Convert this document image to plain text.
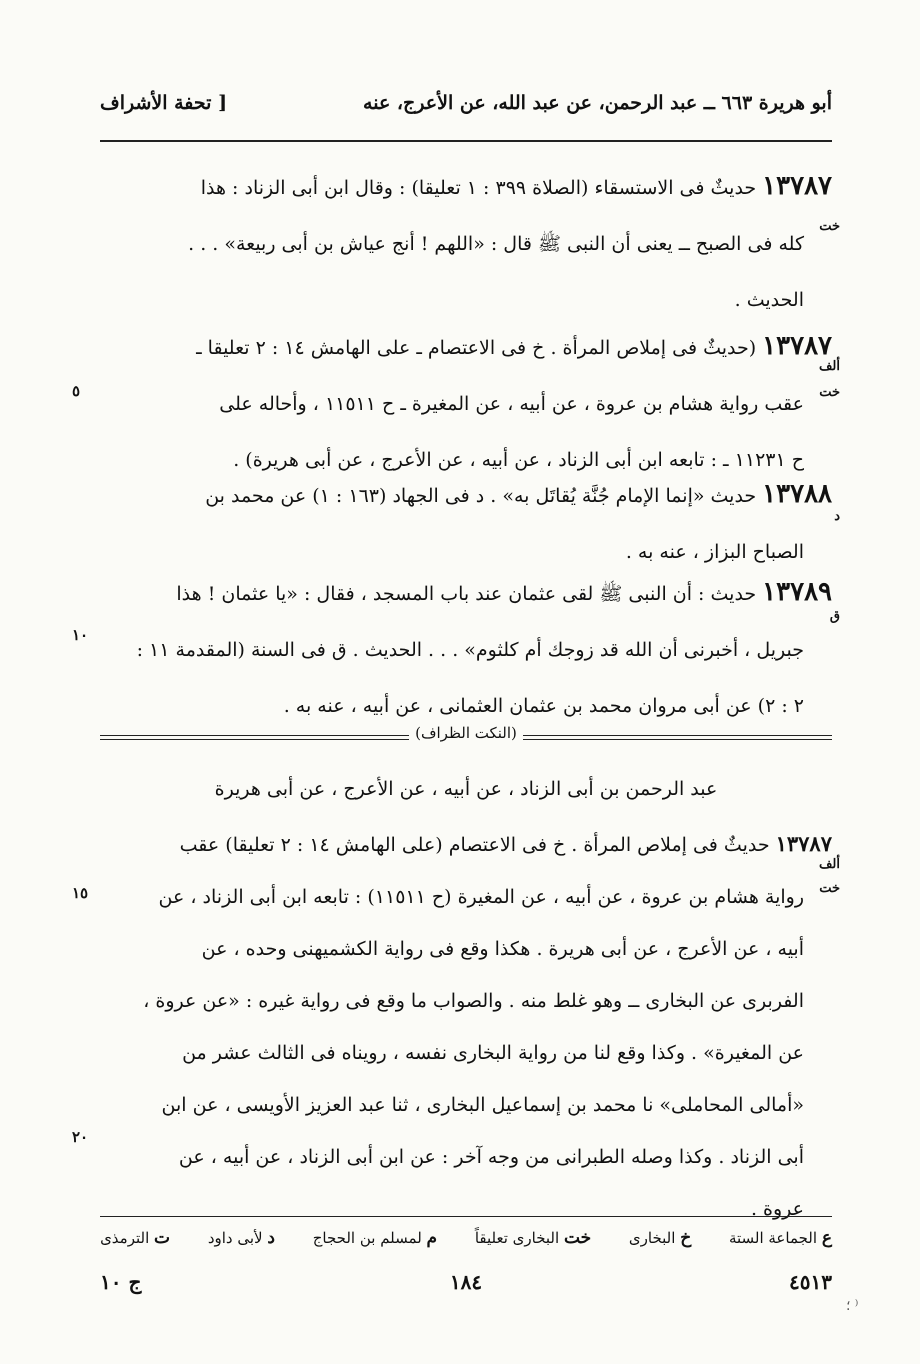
أبو هريرة ٦٦٣ ــ عبد الرحمن، عن عبد الله، عن الأعرج، عنه
[ تحفة الأشراف
خت
١٣٧٨٧حديثٌ فى الاستسقاء (الصلاة ٣٩٩ : ١ تعليقا) : وقال ابن أبى الزناد : هذا
كله فى الصبح ــ يعنى أن النبى ﷺ قال : «اللهم ! أنج عياش بن أبى ربيعة» . . .
الحديث .
ألف
خت
١٣٧٨٧(حديثٌ فى إملاص المرأة . خ فى الاعتصام ـ على الهامش ١٤ : ٢ تعليقا ـ
عقب رواية هشام بن عروة ، عن أبيه ، عن المغيرة ـ ح ١١٥١١ ، وأحاله على
ح ١١٢٣١ ـ : تابعه ابن أبى الزناد ، عن أبيه ، عن الأعرج ، عن أبى هريرة) .
٥
د
١٣٧٨٨حديث «إنما الإمام جُنَّة يُقاتَل به» . د فى الجهاد (١٦٣ : ١) عن محمد بن
الصباح البزاز ، عنه به .
ق
١٣٧٨٩حديث : أن النبى ﷺ لقى عثمان عند باب المسجد ، فقال : «يا عثمان ! هذا
جبريل ، أخبرنى أن الله قد زوجك أم كلثوم» . . . الحديث . ق فى السنة (المقدمة ١١ :
٢ : ٢) عن أبى مروان محمد بن عثمان العثمانى ، عن أبيه ، عنه به .
١٠
(النكت الظراف)
عبد الرحمن بن أبى الزناد ، عن أبيه ، عن الأعرج ، عن أبى هريرة
ألف
خت
١٣٧٨٧حديثٌ فى إملاص المرأة . خ فى الاعتصام (على الهامش ١٤ : ٢ تعليقا) عقب
رواية هشام بن عروة ، عن أبيه ، عن المغيرة (ح ١١٥١١) : تابعه ابن أبى الزناد ، عن
أبيه ، عن الأعرج ، عن أبى هريرة . هكذا وقع فى رواية الكشميهنى وحده ، عن
الفربرى عن البخارى ــ وهو غلط منه . والصواب ما وقع فى رواية غيره : «عن عروة ،
عن المغيرة» . وكذا وقع لنا من رواية البخارى نفسه ، رويناه فى الثالث عشر من
«أمالى المحاملى» نا محمد بن إسماعيل البخارى ، ثنا عبد العزيز الأويسى ، عن ابن
أبى الزناد . وكذا وصله الطبرانى من وجه آخر : عن ابن أبى الزناد ، عن أبيه ، عن
عروة .
١٥
٢٠
ع الجماعة الستة
خ البخارى
خت البخارى تعليقاً
م لمسلم بن الحجاج
د لأبى داود
ت الترمذى
٤٥١٣
١٨٤
ج ١٠
⁽ ؛
